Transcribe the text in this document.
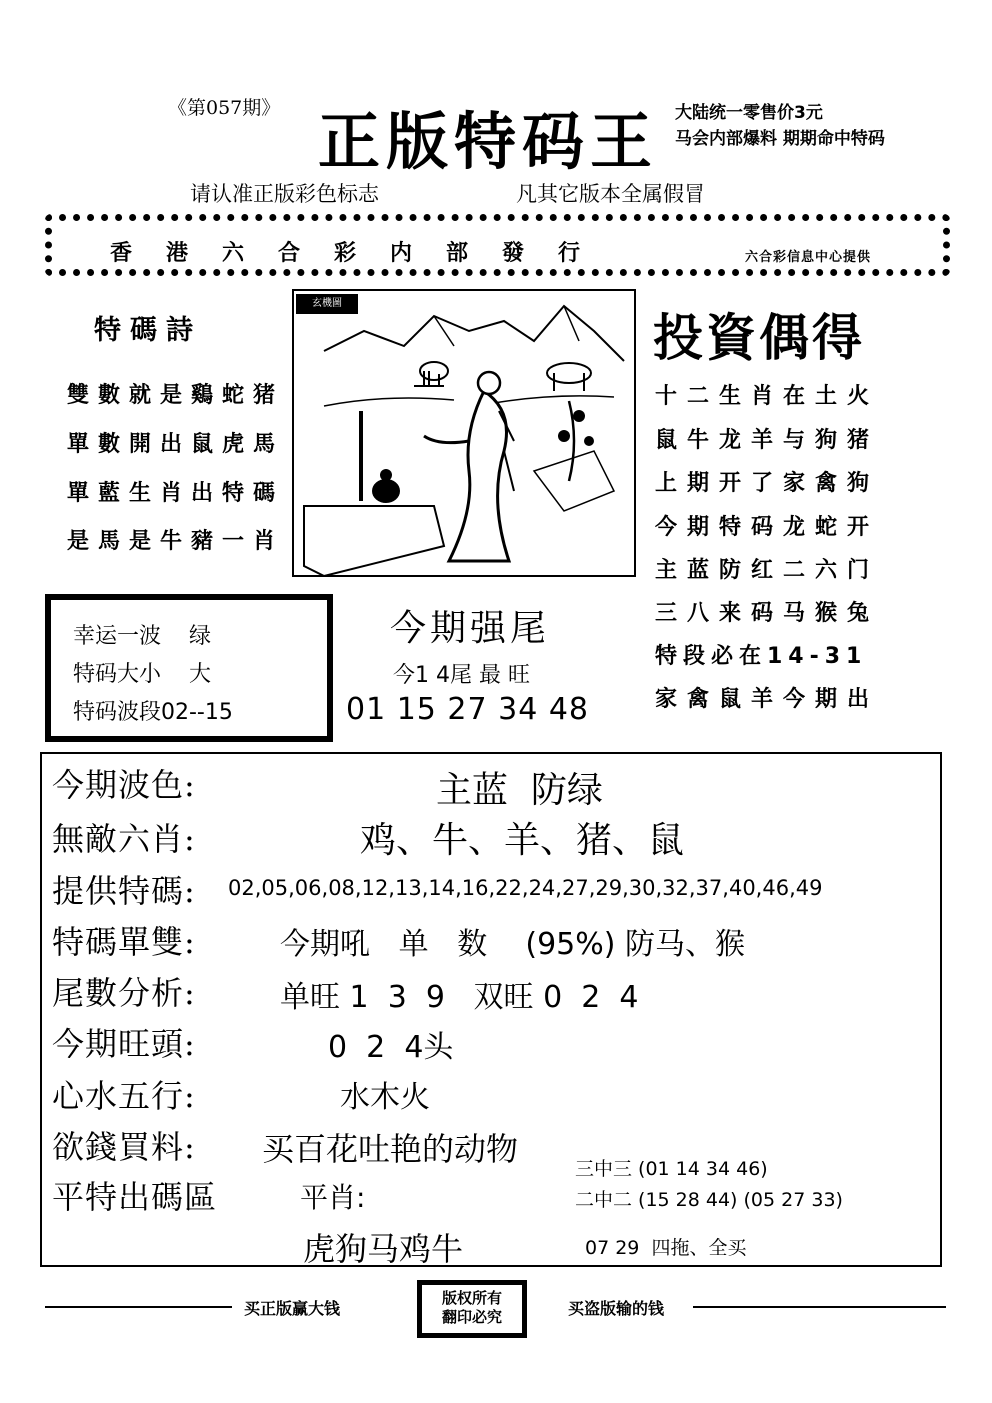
《第057期》 正版特码王 大陆统一零售价3元
马会内部爆料 期期命中特码
请认准正版彩色标志	凡其它版本全属假冒
香港六合彩内部發行	六合彩信息中心提供
特碼詩
雙數就是鷄蛇猪
單數開出鼠虎馬
單藍生肖出特碼
是馬是牛豬一肖
玄機圖
投資偶得
十二生肖在土火
鼠牛龙羊与狗猪
上期开了家禽狗
今期特码龙蛇开
主蓝防红二六门
三八来码马猴兔
特段必在14-31
家禽鼠羊今期出
幸运一波    绿
特码大小    大
特码波段02--15
今期强尾
今1 4尾 最 旺
01 15 27 34 48
今期波色:	主蓝  防绿
無敵六肖:	鸡、牛、羊、猪、鼠
提供特碼: 02,05,06,08,12,13,14,16,22,24,27,29,30,32,37,40,46,49
特碼單雙:	今期吼   单   数    (95%) 防马、猴
尾數分析:	单旺 1  3  9   双旺 0  2  4
今期旺頭:	0  2  4头
心水五行:	水木火
欲錢買料: 买百花吐艳的动物
平特出碼區	平肖:
虎狗马鸡牛
三中三 (01 14 34 46)
二中二 (15 28 44) (05 27 33)
07 29  四拖、全买
买正版赢大钱
版权所有
翻印必究	买盗版输的钱
